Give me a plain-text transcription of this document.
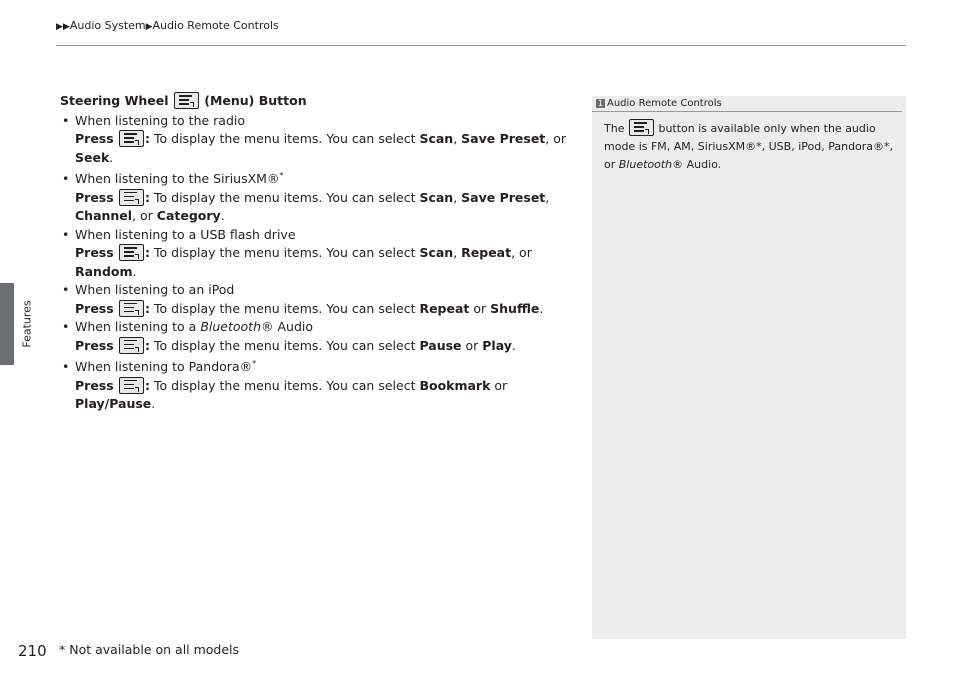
▶▶Audio System▶Audio Remote Controls
Features
Steering Wheel	(Menu) Button
• When listening to the radio
Press
: To display the menu items. You can select Scan, Save Preset, or Seek.
• When listening to the SiriusXM®*
Press
: To display the menu items. You can select Scan, Save Preset, Channel, or Category.
• When listening to a USB flash drive
Press
: To display the menu items. You can select Scan, Repeat, or Random.
• When listening to an iPod
Press
: To display the menu items. You can select Repeat or Shuffle.
• When listening to a Bluetooth® Audio
Press
: To display the menu items. You can select Pause or Play.
• When listening to Pandora®*
Press
: To display the menu items. You can select Bookmark or Play/Pause.
1 Audio Remote Controls
The	button is available only when the audio
mode is FM, AM, SiriusXM®*, USB, iPod, Pandora®*,
or Bluetooth® Audio.
210 * Not available on all models
